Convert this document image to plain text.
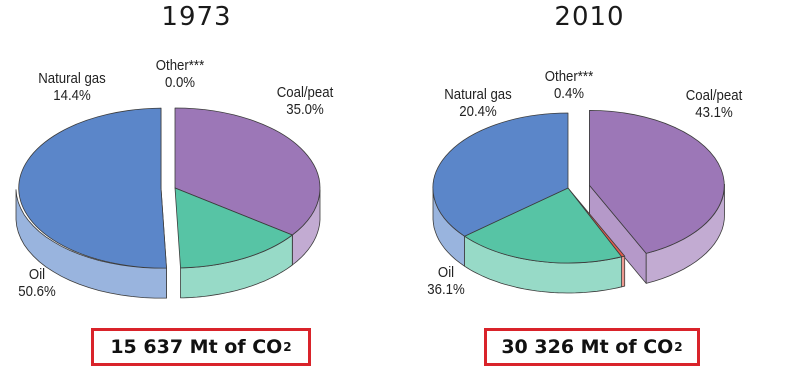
1973
Natural gas
14.4%
Other***
0.0%
Coal/peat
35.0%
Oil
50.6%
15 637 Mt of CO 2
2010
Natural gas
20.4%
Other***
0.4%	Coal/peat
43.1%
Oil
36.1%
30 326 Mt of CO 2
